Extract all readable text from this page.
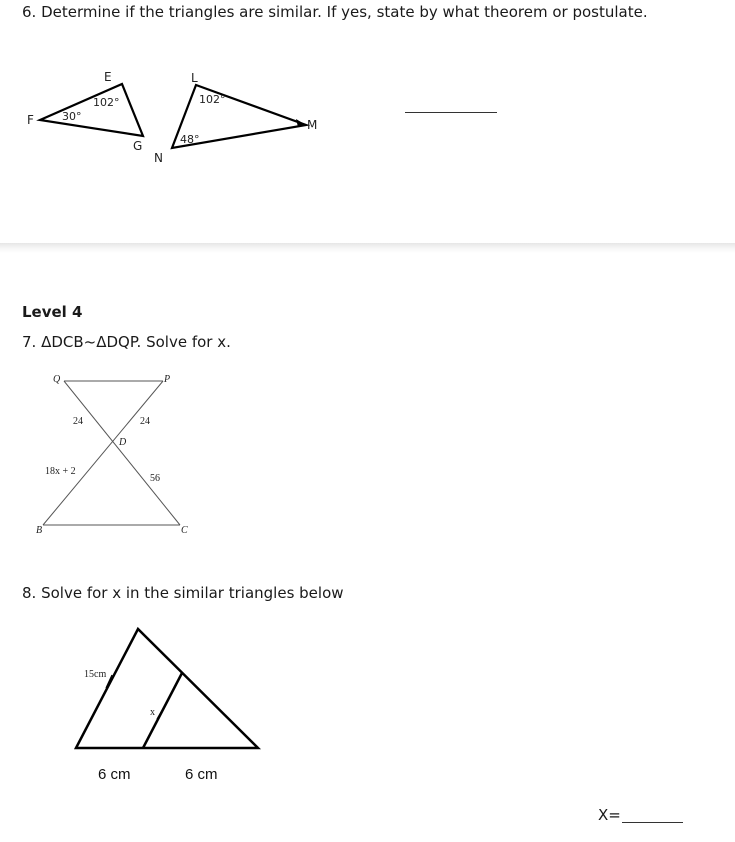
6. Determine if the triangles are similar. If yes, state by what theorem or postulate.
E
F
G
102°
30°
L
M
N
102°
48°
Q	P
D
B	C
24	24
18x + 2
56
15cm
x
6 cm	6 cm
Level 4
7. ΔDCB~ΔDQP. Solve for x.
8. Solve for x in the similar triangles below
X=
